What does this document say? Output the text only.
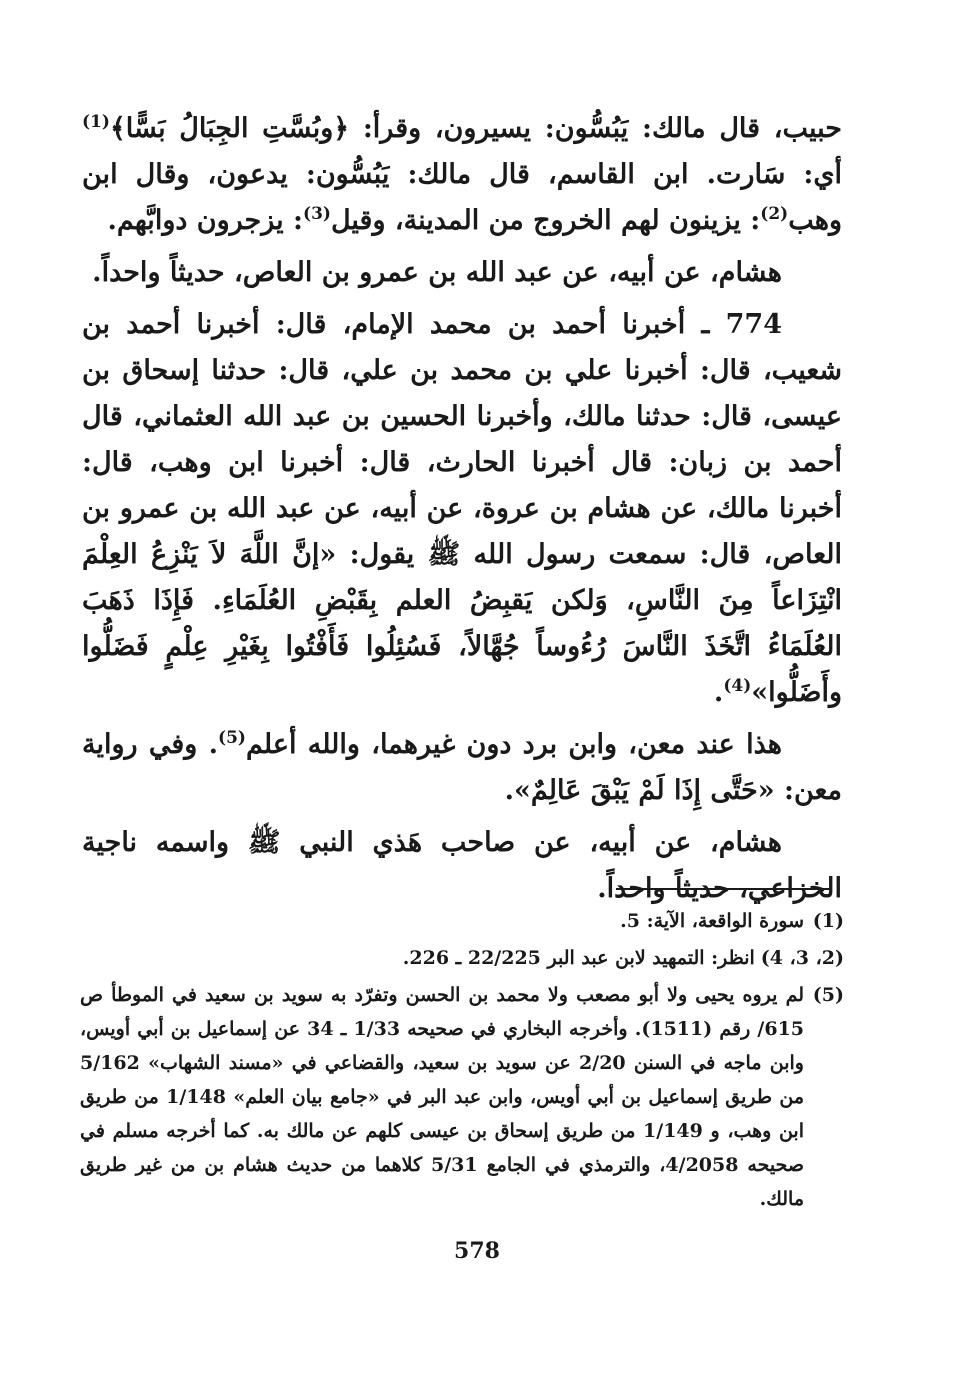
حبيب، قال مالك: يَبُسُّون: يسيرون، وقرأ: ﴿وبُسَّتِ الجِبَالُ بَسًّا﴾$^{(1)}$ أي: سَارت. ابن القاسم، قال مالك: يَبُسُّون: يدعون، وقال ابن وهب$^{(2)}$: يزينون لهم الخروج من المدينة، وقيل$^{(3)}$: يزجرون دوابَّهم.

هشام، عن أبيه، عن عبد الله بن عمرو بن العاص، حديثاً واحداً.

774 ـ أخبرنا أحمد بن محمد الإمام، قال: أخبرنا أحمد بن شعيب، قال: أخبرنا علي بن محمد بن علي، قال: حدثنا إسحاق بن عيسى، قال: حدثنا مالك، وأخبرنا الحسين بن عبد الله العثماني، قال أحمد بن زبان: قال أخبرنا الحارث، قال: أخبرنا ابن وهب، قال: أخبرنا مالك، عن هشام بن عروة، عن أبيه، عن عبد الله بن عمرو بن العاص، قال: سمعت رسول الله ﷺ يقول: «إنَّ اللَّهَ لاَ يَنْزِعُ العِلْمَ انْتِزَاعاً مِنَ النَّاسِ، وَلكن يَقبِضُ العلم بِقَبْضِ العُلَمَاءِ. فَإِذَا ذَهَبَ العُلَمَاءُ اتَّخَذَ النَّاسَ رُءُوساً جُهَّالاً، فَسُئِلُوا فَأَفْتُوا بِغَيْرِ عِلْمٍ فَضَلُّوا وأَضَلُّوا»$^{(4)}$.

هذا عند معن، وابن برد دون غيرهما، والله أعلم$^{(5)}$. وفي رواية معن: «حَتَّى إِذَا لَمْ يَبْقَ عَالِمٌ».

هشام، عن أبيه، عن صاحب هَذي النبي ﷺ واسمه ناجية الخزاعي، حديثاً واحداً.

(1)
سورة الواقعة، الآية: 5.
(2، 3، 4)
انظر: التمهيد لابن عبد البر 22/225 ـ 226.
(5)
لم يروه يحيى ولا أبو مصعب ولا محمد بن الحسن وتفرّد به سويد بن سعيد في الموطأ ص 615/ رقم (1511). وأخرجه البخاري في صحيحه 1/33 ـ 34 عن إسماعيل بن أبي أويس، وابن ماجه في السنن 2/20 عن سويد بن سعيد، والقضاعي في «مسند الشهاب» 5/162 من طريق إسماعيل بن أبي أويس، وابن عبد البر في «جامع بيان العلم» 1/148 من طريق ابن وهب، و 1/149 من طريق إسحاق بن عيسى كلهم عن مالك به. كما أخرجه مسلم في صحيحه 4/2058، والترمذي في الجامع 5/31 كلاهما من حديث هشام بن من غير طريق مالك.
578
